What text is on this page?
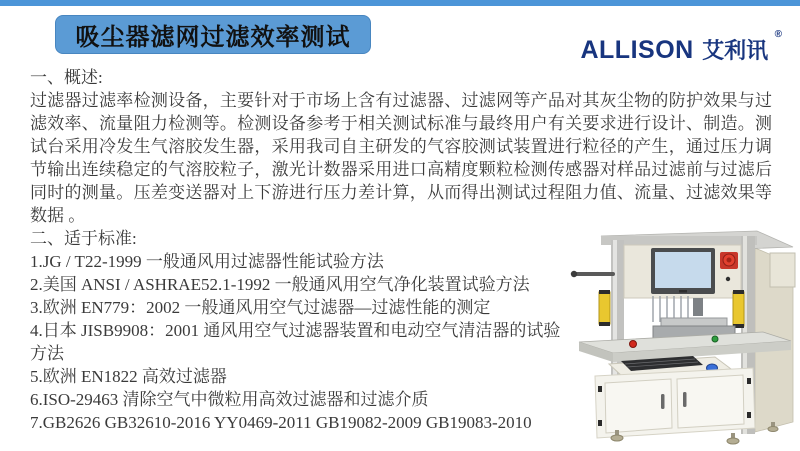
吸尘器滤网过滤效率测试	ALLISON 艾利讯 ®
一、概述:
过滤器过滤率检测设备，主要针对于市场上含有过滤器、过滤网等产品对其灰尘物的防护效果与过滤效率、流量阻力检测等。检测设备参考于相关测试标准与最终用户有关要求进行设计、制造。测试台采用冷发生气溶胶发生器，采用我司自主研发的气容胶测试装置进行粒径的产生，通过压力调节输出连续稳定的气溶胶粒子，激光计数器采用进口高精度颗粒检测传感器对样品过滤前与过滤后同时的测量。压差变送器对上下游进行压力差计算，从而得出测试过程阻力值、流量、过滤效果等数据 。
二、适于标准:
1.JG / T22-1999 一般通风用过滤器性能试验方法
2.美国 ANSI / ASHRAE52.1-1992 一般通风用空气净化装置试验方法
3.欧洲 EN779：2002 一般通风用空气过滤器—过滤性能的测定
4.日本 JISB9908：2001 通风用空气过滤器装置和电动空气清洁器的试验方法
5.欧洲 EN1822 高效过滤器
6.ISO-29463 清除空气中微粒用高效过滤器和过滤介质
7.GB2626 GB32610-2016 YY0469-2011 GB19082-2009 GB19083-2010
